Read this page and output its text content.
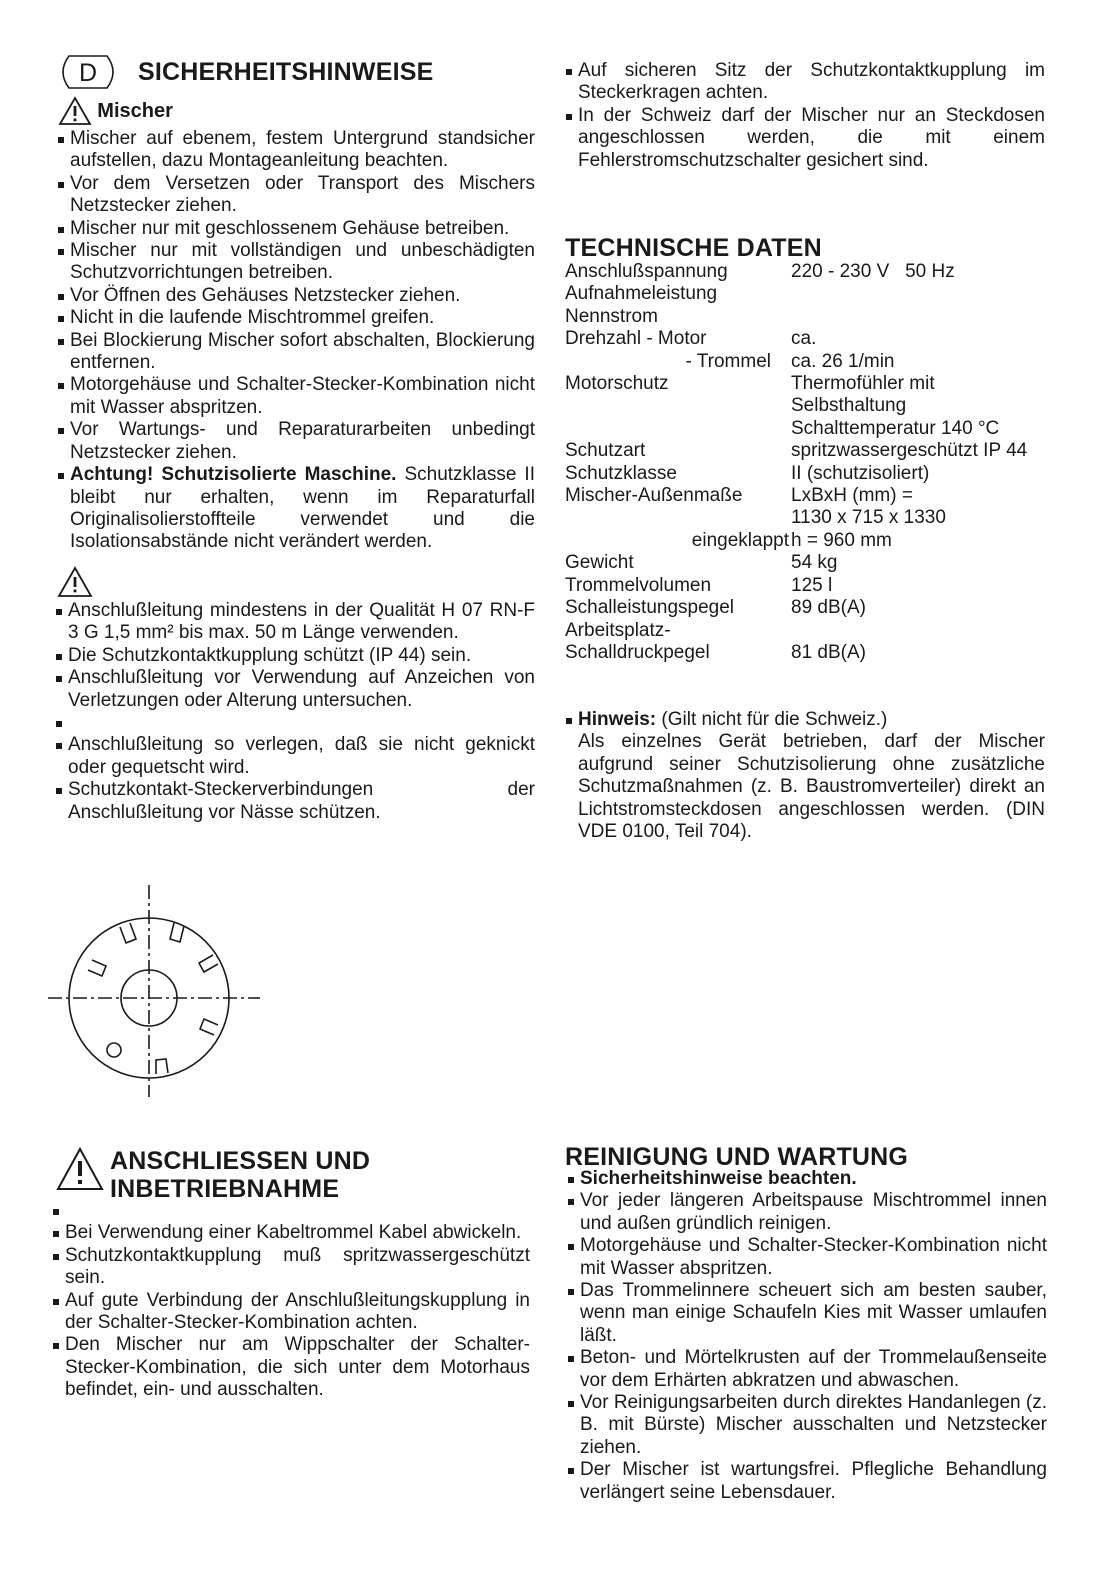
D SICHERHEITSHINWEISE
Mischer
Mischer auf ebenem, festem Untergrund standsicher aufstellen, dazu Montageanleitung beachten.
Vor dem Versetzen oder Transport des Mischers Netzstecker ziehen.
Mischer nur mit geschlossenem Gehäuse betreiben.
Mischer nur mit vollständigen und unbeschädigten Schutzvorrichtungen betreiben.
Vor Öffnen des Gehäuses Netzstecker ziehen.
Nicht in die laufende Mischtrommel greifen.
Bei Blockierung Mischer sofort abschalten, Blockierung entfernen.
Motorgehäuse und Schalter-Stecker-Kombination nicht mit Wasser abspritzen.
Vor Wartungs- und Reparaturarbeiten unbedingt Netzstecker ziehen.
Achtung! Schutzisolierte Maschine. Schutzklasse II bleibt nur erhalten, wenn im Reparaturfall Originalisolierstoffteile verwendet und die Isolationsabstände nicht verändert werden.
Anschlußleitung mindestens in der Qualität H 07 RN-F 3 G 1,5 mm² bis max. 50 m Länge verwenden.
Die Schutzkontaktkupplung schützt (IP 44) sein.
Anschlußleitung vor Verwendung auf Anzeichen von Verletzungen oder Alterung untersuchen.
Anschlußleitung so verlegen, daß sie nicht geknickt oder gequetscht wird.
Schutzkontakt-Steckerverbindungen der Anschlußleitung vor Nässe schützen.
Auf sicheren Sitz der Schutzkontaktkupplung im Steckerkragen achten.
In der Schweiz darf der Mischer nur an Steckdosen angeschlossen werden, die mit einem Fehlerstromschutzschalter gesichert sind.
TECHNISCHE DATEN
Anschlußspannung	220 - 230 V   50 Hz
Aufnahmeleistung	
Nennstrom	
Drehzahl - Motor	ca.
- Trommel	ca. 26 1/min
Motorschutz	Thermofühler mit
	Selbsthaltung
	Schalttemperatur 140 °C
Schutzart	spritzwassergeschützt IP 44
Schutzklasse	II (schutzisoliert)
Mischer-Außenmaße	LxBxH (mm) =
	1130 x 715 x 1330
eingeklappt	h = 960 mm
Gewicht	54 kg
Trommelvolumen	125 l
Schalleistungspegel	89 dB(A)
Arbeitsplatz-	
Schalldruckpegel	81 dB(A)
Hinweis: (Gilt nicht für die Schweiz.)
Als einzelnes Gerät betrieben, darf der Mischer aufgrund seiner Schutzisolierung ohne zusätzliche Schutzmaßnahmen (z. B. Baustromverteiler) direkt an Lichtstromsteckdosen angeschlossen werden. (DIN VDE 0100, Teil 704).
ANSCHLIESSEN UND
INBETRIEBNAHME
Bei Verwendung einer Kabeltrommel Kabel abwickeln.
Schutzkontaktkupplung muß spritzwassergeschützt sein.
Auf gute Verbindung der Anschlußleitungskupplung in der Schalter-Stecker-Kombination achten.
Den Mischer nur am Wippschalter der Schalter-Stecker-Kombination, die sich unter dem Motorhaus befindet, ein- und ausschalten.
REINIGUNG UND WARTUNG
Sicherheitshinweise beachten.
Vor jeder längeren Arbeitspause Mischtrommel innen und außen gründlich reinigen.
Motorgehäuse und Schalter-Stecker-Kombination nicht mit Wasser abspritzen.
Das Trommelinnere scheuert sich am besten sauber, wenn man einige Schaufeln Kies mit Wasser umlaufen läßt.
Beton- und Mörtelkrusten auf der Trommelaußenseite vor dem Erhärten abkratzen und abwaschen.
Vor Reinigungsarbeiten durch direktes Handanlegen (z. B. mit Bürste) Mischer ausschalten und Netzstecker ziehen.
Der Mischer ist wartungsfrei. Pflegliche Behandlung verlängert seine Lebensdauer.
